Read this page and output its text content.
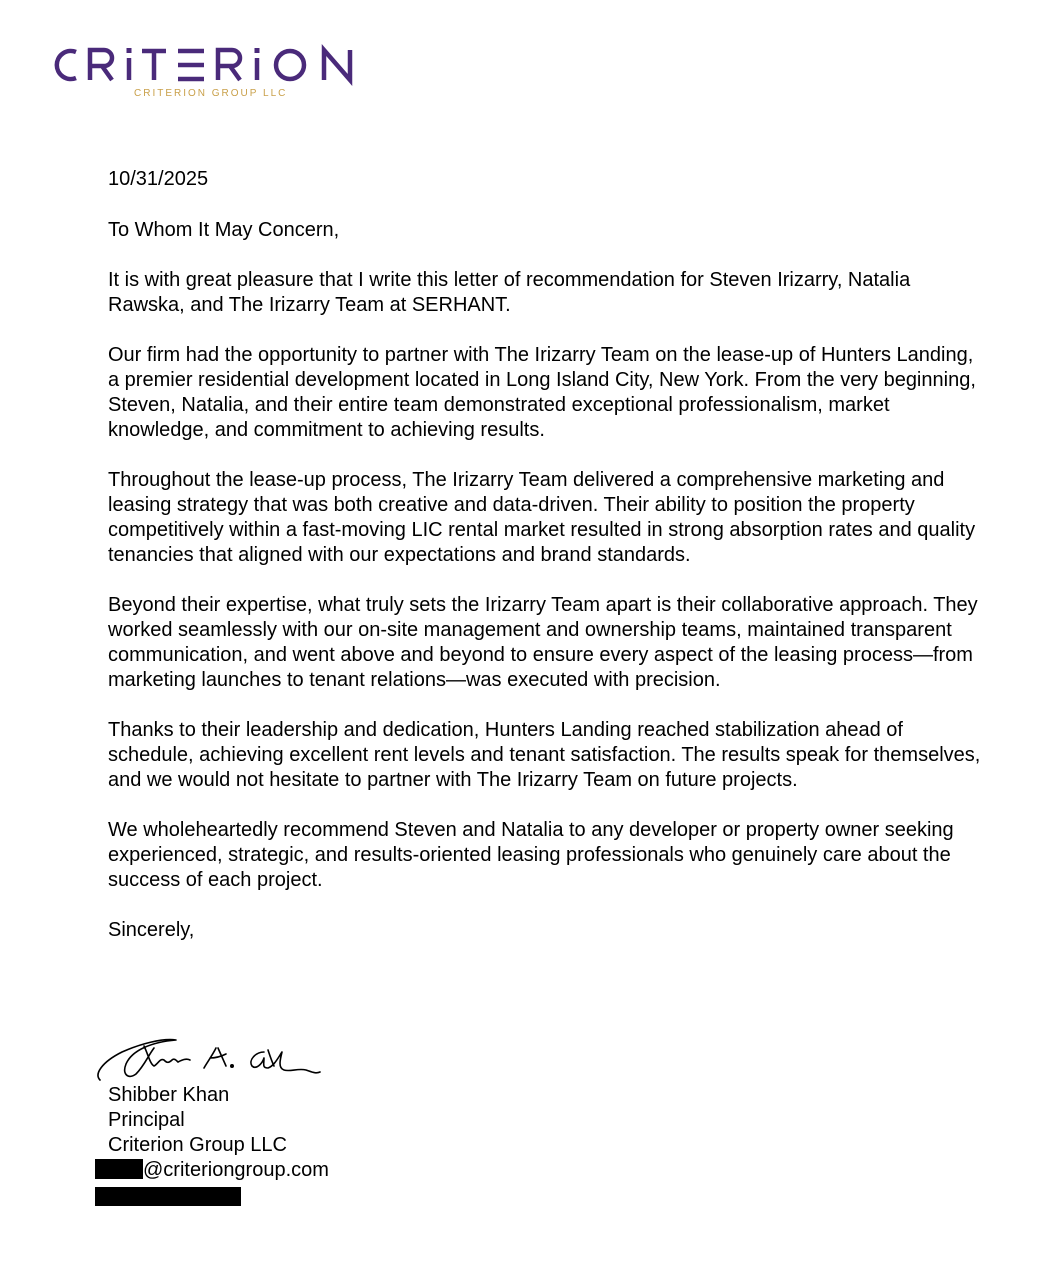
CRITERION GROUP LLC

10/31/2025

To Whom It May Concern,

It is with great pleasure that I write this letter of recommendation for Steven Irizarry, Natalia Rawska, and The Irizarry Team at SERHANT.

Our firm had the opportunity to partner with The Irizarry Team on the lease-up of Hunters Landing, a premier residential development located in Long Island City, New York. From the very beginning, Steven, Natalia, and their entire team demonstrated exceptional professionalism, market knowledge, and commitment to achieving results.

Throughout the lease-up process, The Irizarry Team delivered a comprehensive marketing and leasing strategy that was both creative and data-driven. Their ability to position the property competitively within a fast-moving LIC rental market resulted in strong absorption rates and quality tenancies that aligned with our expectations and brand standards.

Beyond their expertise, what truly sets the Irizarry Team apart is their collaborative approach. They worked seamlessly with our on-site management and ownership teams, maintained transparent communication, and went above and beyond to ensure every aspect of the leasing process—from marketing launches to tenant relations—was executed with precision.

Thanks to their leadership and dedication, Hunters Landing reached stabilization ahead of schedule, achieving excellent rent levels and tenant satisfaction. The results speak for themselves, and we would not hesitate to partner with The Irizarry Team on future projects.

We wholeheartedly recommend Steven and Natalia to any developer or property owner seeking experienced, strategic, and results-oriented leasing professionals who genuinely care about the success of each project.

Sincerely,

Shibber Khan
Principal
Criterion Group LLC
@criteriongroup.com
